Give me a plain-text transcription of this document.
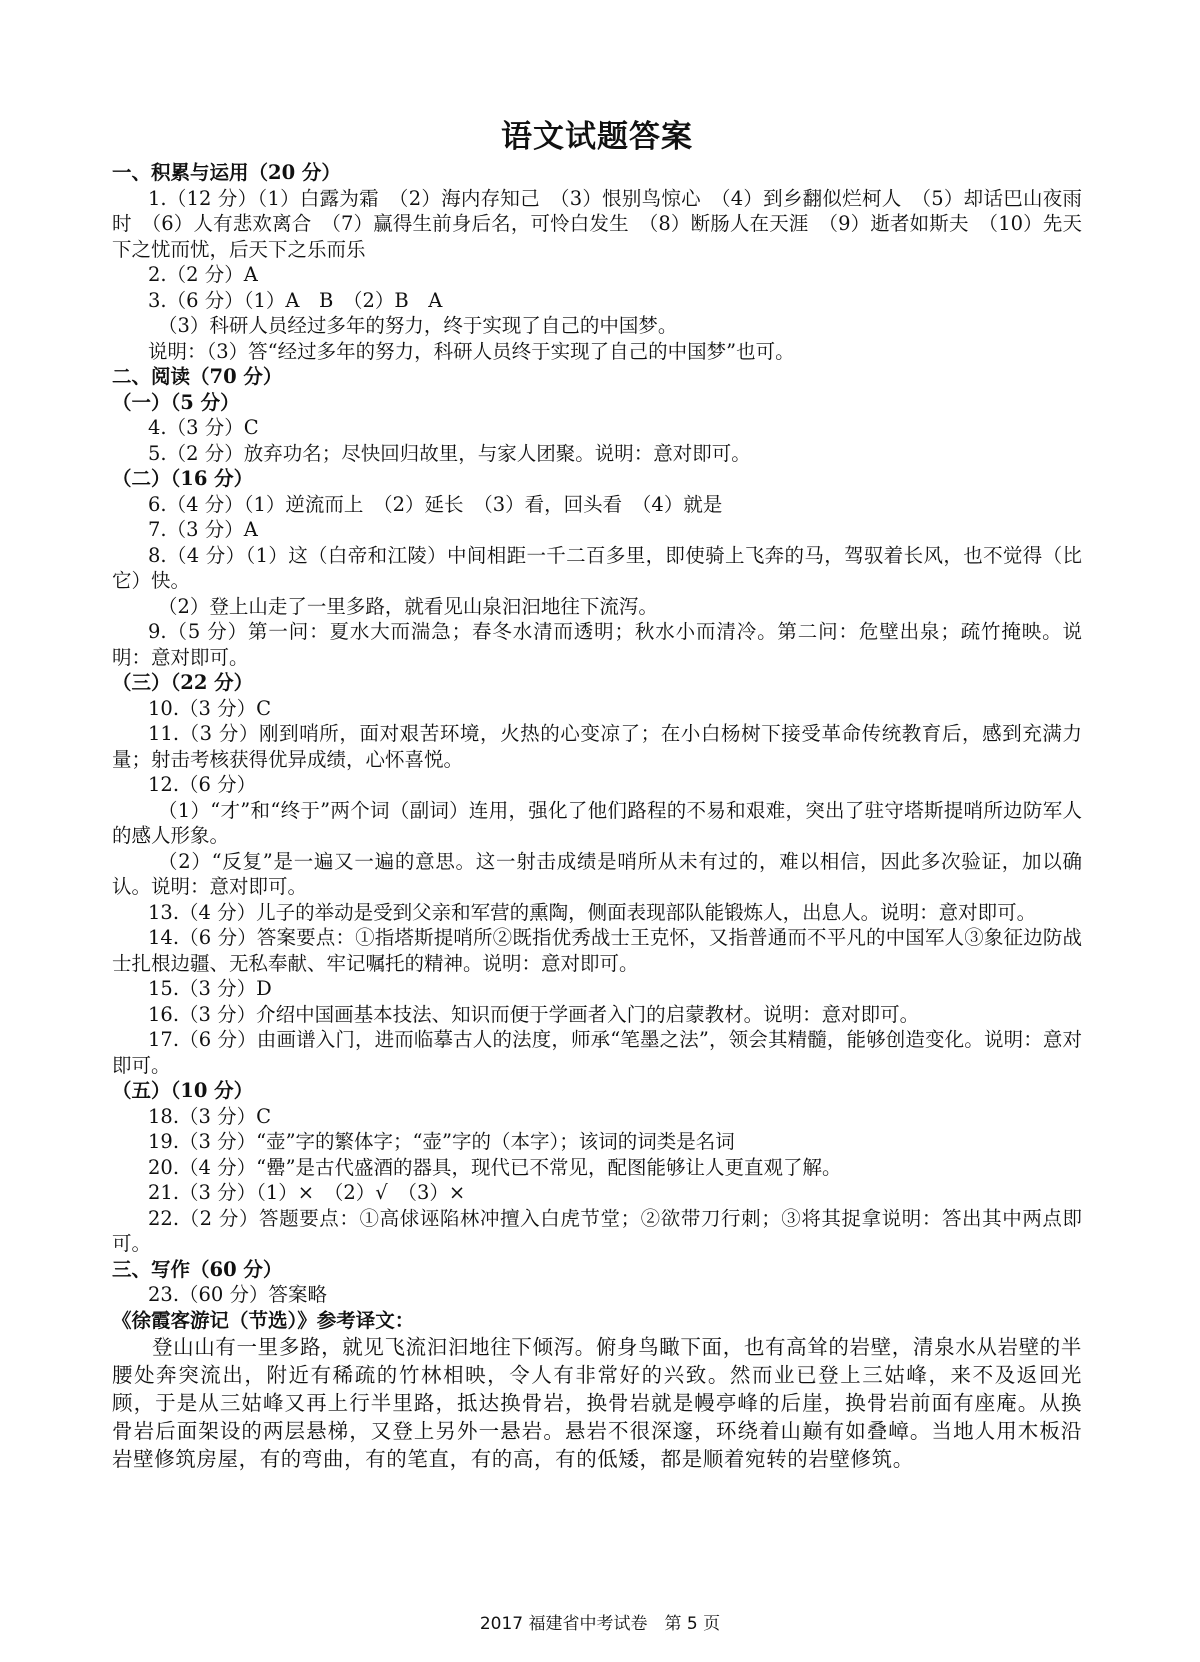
语文试题答案
一、积累与运用（20 分）
1.（12 分）（1）白露为霜　（2）海内存知己　（3）恨别鸟惊心　（4）到乡翻似烂柯人　（5）却话巴山夜雨时　（6）人有悲欢离合　（7）赢得生前身后名，可怜白发生　（8）断肠人在天涯　（9）逝者如斯夫　（10）先天下之忧而忧，后天下之乐而乐
2.（2 分）A
3.（6 分）（1）A　B　（2）B　A
（3）科研人员经过多年的努力，终于实现了自己的中国梦。
说明：（3）答“经过多年的努力，科研人员终于实现了自己的中国梦”也可。
二、阅读（70 分）
（一）（5 分）
4.（3 分）C
5.（2 分）放弃功名；尽快回归故里，与家人团聚。说明：意对即可。
（二）（16 分）
6.（4 分）（1）逆流而上　（2）延长　（3）看，回头看　（4）就是
7.（3 分）A
8.（4 分）（1）这（白帝和江陵）中间相距一千二百多里，即使骑上飞奔的马，驾驭着长风，也不觉得（比它）快。
（2）登上山走了一里多路，就看见山泉汩汩地往下流泻。
9.（5 分）第一问：夏水大而湍急；春冬水清而透明；秋水小而清冷。第二问：危壁出泉；疏竹掩映。说明：意对即可。
（三）（22 分）
10.（3 分）C
11.（3 分）刚到哨所，面对艰苦环境，火热的心变凉了；在小白杨树下接受革命传统教育后，感到充满力量；射击考核获得优异成绩，心怀喜悦。
12.（6 分）
（1）“才”和“终于”两个词（副词）连用，强化了他们路程的不易和艰难，突出了驻守塔斯提哨所边防军人的感人形象。
（2）“反复”是一遍又一遍的意思。这一射击成绩是哨所从未有过的，难以相信，因此多次验证，加以确认。说明：意对即可。
13.（4 分）儿子的举动是受到父亲和军营的熏陶，侧面表现部队能锻炼人，出息人。说明：意对即可。
14.（6 分）答案要点：①指塔斯提哨所②既指优秀战士王克怀，又指普通而不平凡的中国军人③象征边防战士扎根边疆、无私奉献、牢记嘱托的精神。说明：意对即可。
15.（3 分）D
16.（3 分）介绍中国画基本技法、知识而便于学画者入门的启蒙教材。说明：意对即可。
17.（6 分）由画谱入门，进而临摹古人的法度，师承“笔墨之法”，领会其精髓，能够创造变化。说明：意对即可。
（五）（10 分）
18.（3 分）C
19.（3 分）“壶”字的繁体字；“壶”字的（本字）；该词的词类是名词
20.（4 分）“罍”是古代盛酒的器具，现代已不常见，配图能够让人更直观了解。
21.（3 分）（1）×　（2）√　（3）×
22.（2 分）答题要点：①高俅诬陷林冲擅入白虎节堂；②欲带刀行刺；③将其捉拿说明：答出其中两点即可。
三、写作（60 分）
23.（60 分）答案略
《徐霞客游记（节选）》参考译文：
登山山有一里多路，就见飞流汩汩地往下倾泻。俯身鸟瞰下面，也有高耸的岩壁，清泉水从岩壁的半腰处奔突流出，附近有稀疏的竹林相映，令人有非常好的兴致。然而业已登上三姑峰，来不及返回光顾，于是从三姑峰又再上行半里路，抵达换骨岩，换骨岩就是幔亭峰的后崖，换骨岩前面有座庵。从换骨岩后面架设的两层悬梯，又登上另外一悬岩。悬岩不很深邃，环绕着山巅有如叠嶂。当地人用木板沿岩壁修筑房屋，有的弯曲，有的笔直，有的高，有的低矮，都是顺着宛转的岩壁修筑。
2017 福建省中考试卷　第 5 页
